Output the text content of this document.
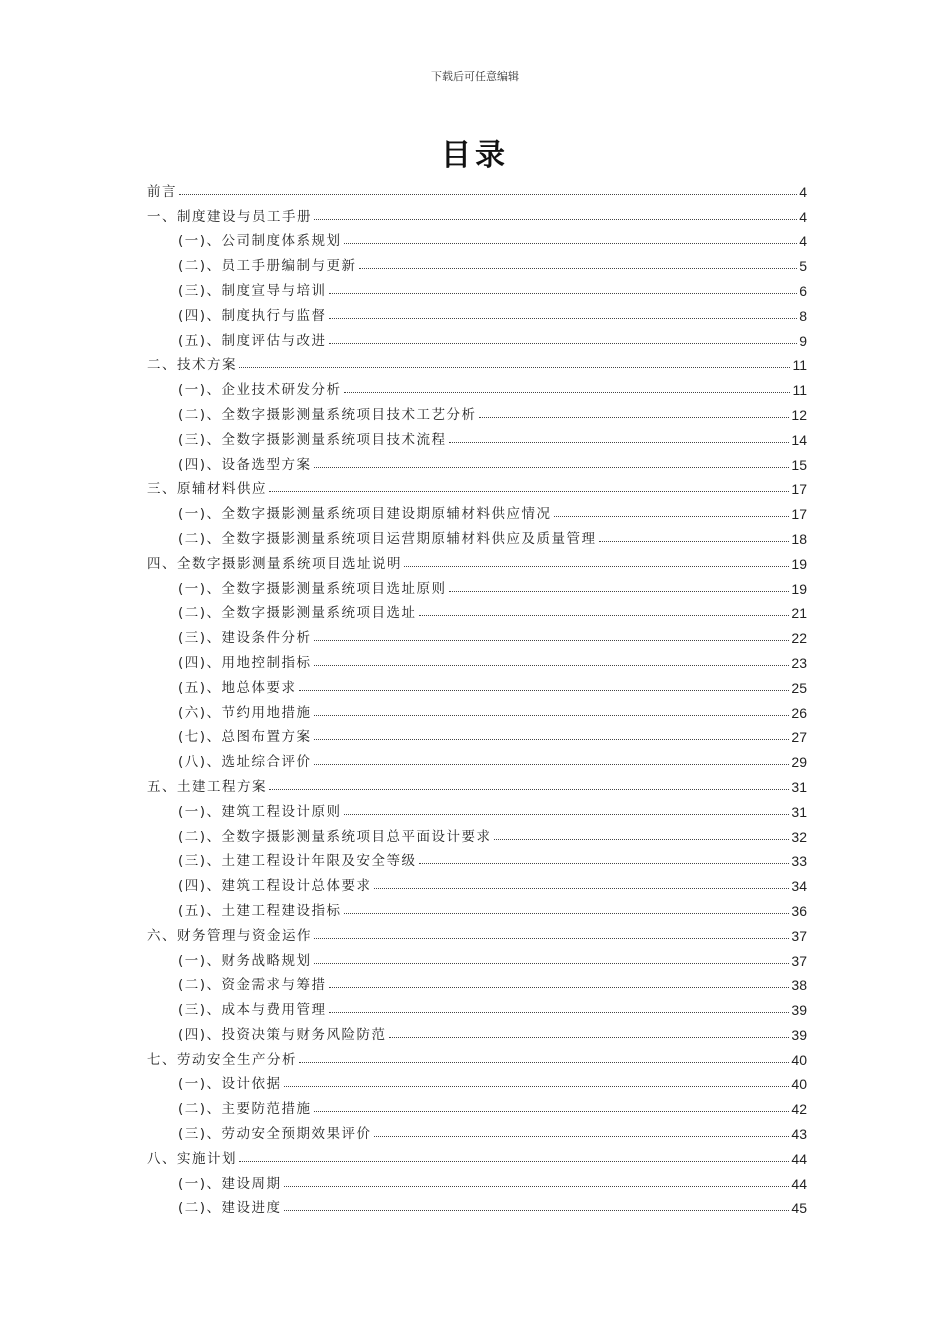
下载后可任意编辑
目录
前言	4
一、制度建设与员工手册	4
(一)、公司制度体系规划	4
(二)、员工手册编制与更新	5
(三)、制度宣导与培训	6
(四)、制度执行与监督	8
(五)、制度评估与改进	9
二、技术方案	11
(一)、企业技术研发分析	11
(二)、全数字摄影测量系统项目技术工艺分析	12
(三)、全数字摄影测量系统项目技术流程	14
(四)、设备选型方案	15
三、原辅材料供应	17
(一)、全数字摄影测量系统项目建设期原辅材料供应情况	17
(二)、全数字摄影测量系统项目运营期原辅材料供应及质量管理	18
四、全数字摄影测量系统项目选址说明	19
(一)、全数字摄影测量系统项目选址原则	19
(二)、全数字摄影测量系统项目选址	21
(三)、建设条件分析	22
(四)、用地控制指标	23
(五)、地总体要求	25
(六)、节约用地措施	26
(七)、总图布置方案	27
(八)、选址综合评价	29
五、土建工程方案	31
(一)、建筑工程设计原则	31
(二)、全数字摄影测量系统项目总平面设计要求	32
(三)、土建工程设计年限及安全等级	33
(四)、建筑工程设计总体要求	34
(五)、土建工程建设指标	36
六、财务管理与资金运作	37
(一)、财务战略规划	37
(二)、资金需求与筹措	38
(三)、成本与费用管理	39
(四)、投资决策与财务风险防范	39
七、劳动安全生产分析	40
(一)、设计依据	40
(二)、主要防范措施	42
(三)、劳动安全预期效果评价	43
八、实施计划	44
(一)、建设周期	44
(二)、建设进度	45
